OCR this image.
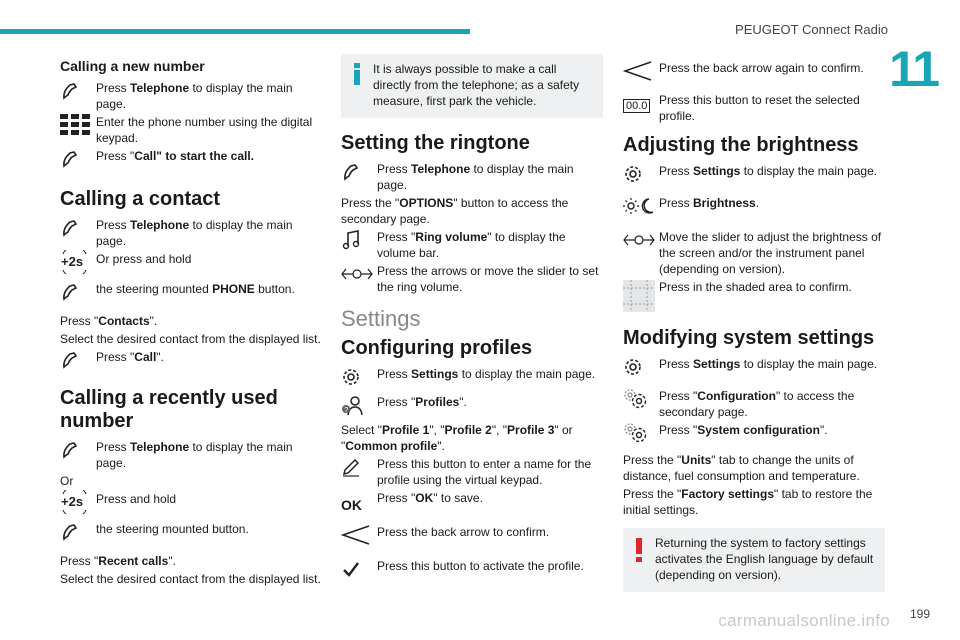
PEUGEOT Connect Radio
11
Calling a new number
Press Telephone to display the main page.
Enter the phone number using the digital keypad.
Press "Call" to start the call.
Calling a contact
Press Telephone to display the main page.
+2s Or press and hold
the steering mounted PHONE button.

Press "Contacts".

Select the desired contact from the displayed list.

Press "Call".
Calling a recently used number
Press Telephone to display the main page.

Or

+2s Press and hold
the steering mounted button.

Press "Recent calls".

Select the desired contact from the displayed list.

It is always possible to make a call directly from the telephone; as a safety measure, first park the vehicle.
Setting the ringtone
Press Telephone to display the main page.

Press the "OPTIONS" button to access the secondary page.

Press "Ring volume" to display the volume bar.
Press the arrows or move the slider to set the ring volume.
Settings
Configuring profiles
Press Settings to display the main page.
?
Press "Profiles".

Select "Profile 1", "Profile 2", "Profile 3" or "Common profile".

Press this button to enter a name for the profile using the virtual keypad.
OK Press "OK" to save.
Press the back arrow to confirm.
Press this button to activate the profile.
Press the back arrow again to confirm.
00.0 Press this button to reset the selected profile.
Adjusting the brightness
Press Settings to display the main page.
Press Brightness.
Move the slider to adjust the brightness of the screen and/or the instrument panel (depending on version).
Press in the shaded area to confirm.
Modifying system settings
Press Settings to display the main page.
Press "Configuration" to access the secondary page.
Press "System configuration".

Press the "Units" tab to change the units of distance, fuel consumption and temperature.

Press the "Factory settings" tab to restore the initial settings.

Returning the system to factory settings activates the English language by default (depending on version).
carmanualsonline.info 199
